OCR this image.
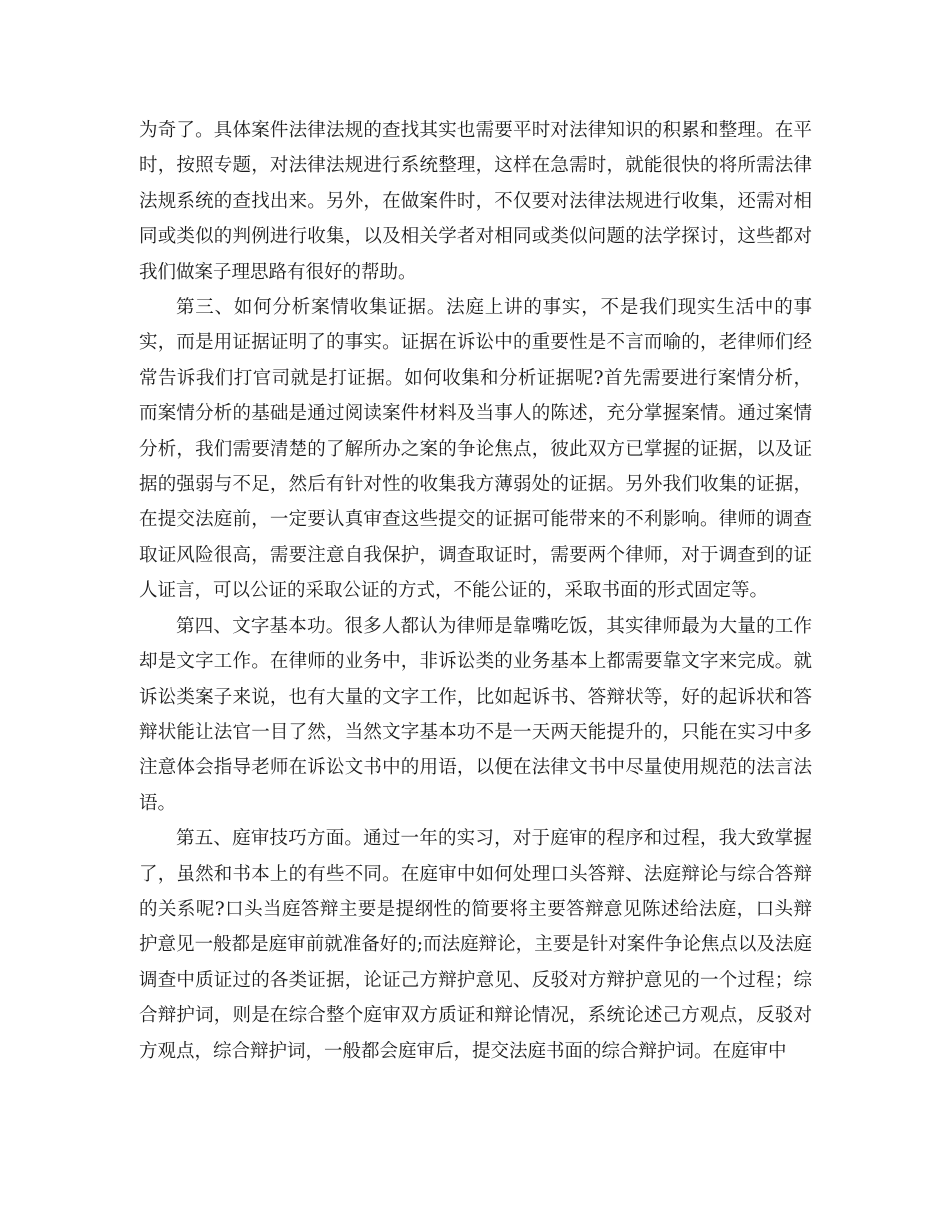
为奇了。具体案件法律法规的查找其实也需要平时对法律知识的积累和整理。在平时，按照专题，对法律法规进行系统整理，这样在急需时，就能很快的将所需法律法规系统的查找出来。另外，在做案件时，不仅要对法律法规进行收集，还需对相同或类似的判例进行收集，以及相关学者对相同或类似问题的法学探讨，这些都对我们做案子理思路有很好的帮助。

第三、如何分析案情收集证据。法庭上讲的事实，不是我们现实生活中的事实，而是用证据证明了的事实。证据在诉讼中的重要性是不言而喻的，老律师们经常告诉我们打官司就是打证据。如何收集和分析证据呢?首先需要进行案情分析，而案情分析的基础是通过阅读案件材料及当事人的陈述，充分掌握案情。通过案情分析，我们需要清楚的了解所办之案的争论焦点，彼此双方已掌握的证据，以及证据的强弱与不足，然后有针对性的收集我方薄弱处的证据。另外我们收集的证据，在提交法庭前，一定要认真审查这些提交的证据可能带来的不利影响。律师的调查取证风险很高，需要注意自我保护，调查取证时，需要两个律师，对于调查到的证人证言，可以公证的采取公证的方式，不能公证的，采取书面的形式固定等。

第四、文字基本功。很多人都认为律师是靠嘴吃饭，其实律师最为大量的工作却是文字工作。在律师的业务中，非诉讼类的业务基本上都需要靠文字来完成。就诉讼类案子来说，也有大量的文字工作，比如起诉书、答辩状等，好的起诉状和答辩状能让法官一目了然，当然文字基本功不是一天两天能提升的，只能在实习中多注意体会指导老师在诉讼文书中的用语，以便在法律文书中尽量使用规范的法言法语。

第五、庭审技巧方面。通过一年的实习，对于庭审的程序和过程，我大致掌握了，虽然和书本上的有些不同。在庭审中如何处理口头答辩、法庭辩论与综合答辩的关系呢?口头当庭答辩主要是提纲性的简要将主要答辩意见陈述给法庭，口头辩护意见一般都是庭审前就准备好的;而法庭辩论，主要是针对案件争论焦点以及法庭调查中质证过的各类证据，论证己方辩护意见、反驳对方辩护意见的一个过程；综合辩护词，则是在综合整个庭审双方质证和辩论情况，系统论述己方观点，反驳对方观点，综合辩护词，一般都会庭审后，提交法庭书面的综合辩护词。在庭审中
